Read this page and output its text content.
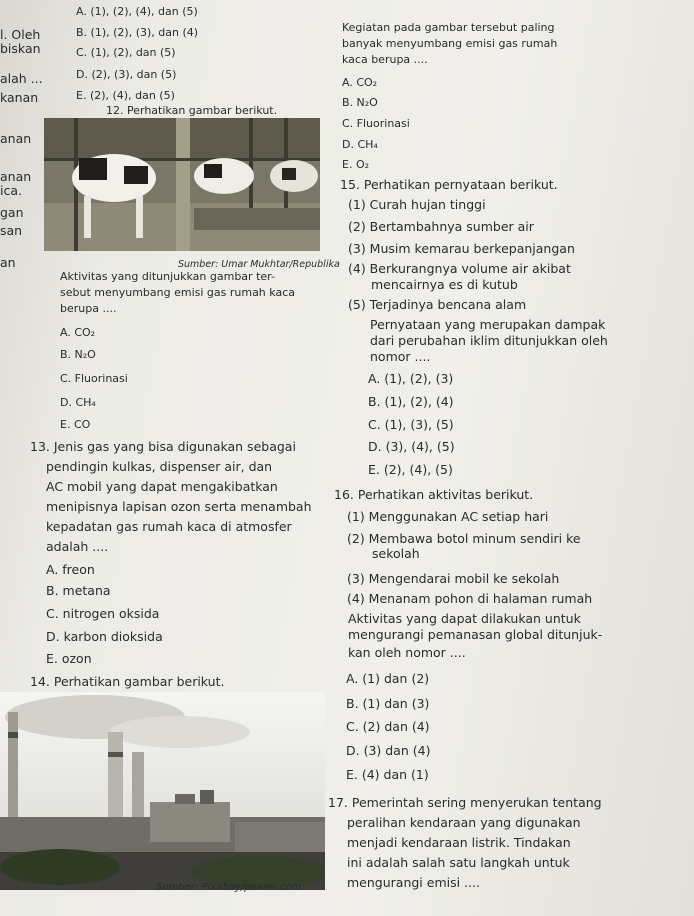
l. Oleh
biskan
alah ...
kanan
anan
anan
ica.
gan
san
an
A. (1), (2), (4), dan (5)
B. (1), (2), (3), dan (4)
C. (1), (2), dan (5)
D. (2), (3), dan (5)
E. (2), (4), dan (5)
12. Perhatikan gambar berikut.
Sumber: Umar Mukhtar/Republika
Aktivitas yang ditunjukkan gambar ter-
sebut menyumbang emisi gas rumah kaca
berupa ....
A. CO₂
B. N₂O
C. Fluorinasi
D. CH₄
E. CO
13. Jenis gas yang bisa digunakan sebagai
pendingin kulkas, dispenser air, dan
AC mobil yang dapat mengakibatkan
menipisnya lapisan ozon serta menambah
kepadatan gas rumah kaca di atmosfer
adalah ....
A. freon
B. metana
C. nitrogen oksida
D. karbon dioksida
E. ozon
14. Perhatikan gambar berikut.
Sumber: Pixabay/pexels.com
Kegiatan pada gambar tersebut paling
banyak menyumbang emisi gas rumah
kaca berupa ....
A. CO₂
B. N₂O
C. Fluorinasi
D. CH₄
E. O₂
15. Perhatikan pernyataan berikut.
(1) Curah hujan tinggi
(2) Bertambahnya sumber air
(3) Musim kemarau berkepanjangan
(4) Berkurangnya volume air akibat
mencairnya es di kutub
(5) Terjadinya bencana alam
Pernyataan yang merupakan dampak
dari perubahan iklim ditunjukkan oleh
nomor ....
A. (1), (2), (3)
B. (1), (2), (4)
C. (1), (3), (5)
D. (3), (4), (5)
E. (2), (4), (5)
16. Perhatikan aktivitas berikut.
(1) Menggunakan AC setiap hari
(2) Membawa botol minum sendiri ke
sekolah
(3) Mengendarai mobil ke sekolah
(4) Menanam pohon di halaman rumah
Aktivitas yang dapat dilakukan untuk
mengurangi pemanasan global ditunjuk-
kan oleh nomor ....
A. (1) dan (2)
B. (1) dan (3)
C. (2) dan (4)
D. (3) dan (4)
E. (4) dan (1)
17. Pemerintah sering menyerukan tentang
peralihan kendaraan yang digunakan
menjadi kendaraan listrik. Tindakan
ini adalah salah satu langkah untuk
mengurangi emisi ....
